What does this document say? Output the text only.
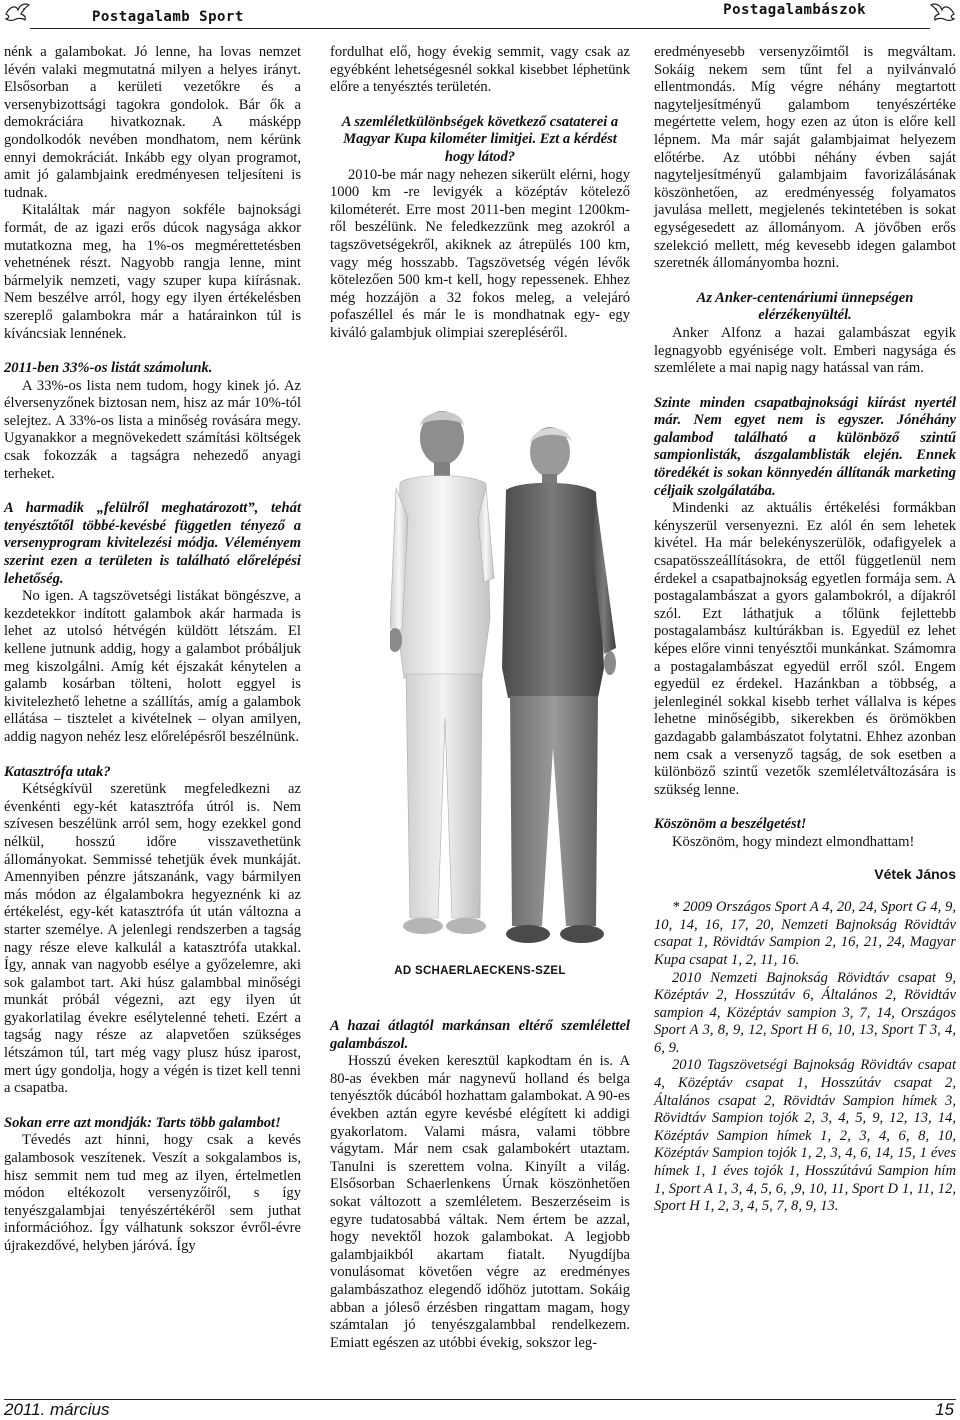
Postagalamb Sport	Postagalambászok

nénk a galambokat. Jó lenne, ha lovas nemzet lévén valaki megmutatná milyen a helyes irányt. Elsősorban a kerületi vezetőkre és a versenybizottsági tagokra gondolok. Bár ők a demokráciára hivatkoznak. A másképp gondolkodók nevében mondhatom, nem kérünk ennyi demokráciát. Inkább egy olyan programot, amit jó galambjaink eredményesen teljesíteni is tudnak.

Kitaláltak már nagyon sokféle bajnoksági formát, de az igazi erős dúcok nagysága akkor mutatkozna meg, ha 1%-os megmérettetésben vehetnének részt. Nagyobb rangja lenne, mint bármelyik nemzeti, vagy szuper kupa kiírásnak. Nem beszélve arról, hogy egy ilyen értékelésben szereplő galambokra már a határainkon túl is kíváncsiak lennének.

2011-ben 33%-os listát számolunk.

A 33%-os lista nem tudom, hogy kinek jó. Az élversenyzőnek biztosan nem, hisz az már 10%-tól selejtez. A 33%-os lista a minőség rovására megy. Ugyanakkor a megnövekedett számítási költségek csak fokozzák a tagságra nehezedő anyagi terheket.

A harmadik „felülről meghatározott”, tehát tenyésztőtől többé-kevésbé független tényező a versenyprogram kivitelezési módja. Véleményem szerint ezen a területen is található előrelépési lehetőség.

No igen. A tagszövetségi listákat böngészve, a kezdetekkor indított galambok akár harmada is lehet az utolsó hétvégén küldött létszám. El kellene jutnunk addig, hogy a galambot próbáljuk meg kiszolgálni. Amíg két éjszakát kénytelen a galamb kosárban tölteni, holott eggyel is kivitelezhető lehetne a szállítás, amíg a galambok ellátása – tisztelet a kivételnek – olyan amilyen, addig nagyon nehéz lesz előrelépésről beszélnünk.

Katasztrófa utak?

Kétségkívül szeretünk megfeledkezni az évenkénti egy-két katasztrófa útról is. Nem szívesen beszélünk arról sem, hogy ezekkel gond nélkül, hosszú időre visszavethetünk állományokat. Semmissé tehetjük évek munkáját. Amennyiben pénzre játszanánk, vagy bármilyen más módon az élgalambokra hegyeznénk ki az értékelést, egy-két katasztrófa út után változna a starter személye. A jelenlegi rendszerben a tagság nagy része eleve kalkulál a katasztrófa utakkal. Így, annak van nagyobb esélye a győzelemre, aki sok galambot tart. Aki húsz galambbal minőségi munkát próbál végezni, azt egy ilyen út gyakorlatilag évekre esélytelenné teheti. Ezért a tagság nagy része az alapvetően szükséges létszámon túl, tart még vagy plusz húsz iparost, mert úgy gondolja, hogy a végén is tizet kell tenni a csapatba.

Sokan erre azt mondják: Tarts több galambot!

Tévedés azt hinni, hogy csak a kevés galambosok veszítenek. Veszít a sokgalambos is, hisz semmit nem tud meg az ilyen, értelmetlen módon eltékozolt versenyzőiről, s így tenyészgalambjai tenyészértékéről sem juthat információhoz. Így válhatunk sokszor évről-évre újrakezdővé, helyben járóvá. Így

fordulhat elő, hogy évekig semmit, vagy csak az egyébként lehetségesnél sokkal kisebbet léphetünk előre a tenyésztés területén.

A szemléletkülönbségek következő csataterei a Magyar Kupa kilométer limitjei. Ezt a kérdést hogy látod?

2010-be már nagy nehezen sikerült elérni, hogy 1000 km -re levigyék a középtáv kötelező kilométerét. Erre most 2011-ben megint 1200km-ről beszélünk. Ne feledkezzünk meg azokról a tagszövetségekről, akiknek az átrepülés 100 km, vagy még hosszabb. Tagszövetség végén lévők kötelezően 500 km-t kell, hogy repessenek. Ehhez még hozzájön a 32 fokos meleg, a velejáró pofaszéllel és már le is mondhatnak egy- egy kiváló galambjuk olimpiai szerepléséről.

AD SCHAERLAECKENS-SZEL

A hazai átlagtól markánsan eltérő szemlélettel galambászol.

Hosszú éveken keresztül kapkodtam én is. A 80-as években már nagynevű holland és belga tenyésztők dúcából hozhattam galambokat. A 90-es években aztán egyre kevésbé elégített ki addigi gyakorlatom. Valami másra, valami többre vágytam. Már nem csak galambokért utaztam. Tanulni is szerettem volna. Kinyílt a világ. Elsősorban Schaerlenkens Úrnak köszönhetően sokat változott a szemléletem. Beszerzéseim is egyre tudatosabbá váltak. Nem értem be azzal, hogy nevektől hozok galambokat. A legjobb galambjaikból akartam fiatalt. Nyugdíjba vonulásomat követően végre az eredményes galambászathoz elegendő időhöz jutottam. Sokáig abban a jóleső érzésben ringattam magam, hogy számtalan jó tenyészgalambbal rendelkezem. Emiatt egészen az utóbbi évekig, sokszor leg-

eredményesebb versenyzőimtől is megváltam. Sokáig nekem sem tűnt fel a nyilvánvaló ellentmondás. Míg végre néhány megtartott nagyteljesítményű galambom tenyészértéke megértette velem, hogy ezen az úton is előre kell lépnem. Ma már saját galambjaimat helyezem előtérbe. Az utóbbi néhány évben saját nagyteljesítményű galambjaim favorizálásának köszönhetően, az eredményesség folyamatos javulása mellett, megjelenés tekintetében is sokat egységesedett az állományom. A jövőben erős szelekció mellett, még kevesebb idegen galambot szeretnék állományomba hozni.

Az Anker-centenáriumi ünnepségen elérzékenyültél.

Anker Alfonz a hazai galambászat egyik legnagyobb egyénisége volt. Emberi nagysága és szemlélete a mai napig nagy hatással van rám.

Szinte minden csapatbajnoksági kiírást nyertél már. Nem egyet nem is egyszer. Jónéhány galambod található a különböző szintű sampionlisták, ászgalamblisták elején. Ennek töredékét is sokan könnyedén állítanák marketing céljaik szolgálatába.

Mindenki az aktuális értékelési formákban kényszerül versenyezni. Ez alól én sem lehetek kivétel. Ha már belekényszerülök, odafigyelek a csapatösszeállításokra, de ettől függetlenül nem érdekel a csapatbajnokság egyetlen formája sem. A postagalambászat a gyors galambokról, a díjakról szól. Ezt láthatjuk a tőlünk fejlettebb postagalambász kultúrákban is. Egyedül ez lehet képes előre vinni tenyésztői munkánkat. Számomra a postagalambászat egyedül erről szól. Engem egyedül ez érdekel. Hazánkban a többség, a jelenleginél sokkal kisebb terhet vállalva is képes lehetne minőségibb, sikerekben és örömökben gazdagabb galambászatot folytatni. Ehhez azonban nem csak a versenyző tagság, de sok esetben a különböző szintű vezetők szemléletváltozására is szükség lenne.

Köszönöm a beszélgetést!

Köszönöm, hogy mindezt elmondhattam!

Vétek János

* 2009 Országos Sport A 4, 20, 24, Sport G 4, 9, 10, 14, 16, 17, 20, Nemzeti Bajnokság Rövidtáv csapat 1, Rövidtáv Sampion 2, 16, 21, 24, Magyar Kupa csapat 1, 2, 11, 16.

2010 Nemzeti Bajnokság Rövidtáv csapat 9, Középtáv 2, Hosszútáv 6, Általános 2, Rövidtáv sampion 4, Középtáv sampion 3, 7, 14, Országos Sport A 3, 8, 9, 12, Sport H 6, 10, 13, Sport T 3, 4, 6, 9.

2010 Tagszövetségi Bajnokság Rövidtáv csapat 4, Középtáv csapat 1, Hosszútáv csapat 2, Általános csapat 2, Rövidtáv Sampion hímek 3, Rövidtáv Sampion tojók 2, 3, 4, 5, 9, 12, 13, 14, Középtáv Sampion hímek 1, 2, 3, 4, 6, 8, 10, Középtáv Sampion tojók 1, 2, 3, 4, 6, 14, 15, 1 éves hímek 1, 1 éves tojók 1, Hosszútávú Sampion hím 1, Sport A 1, 3, 4, 5, 6, ,9, 10, 11, Sport D 1, 11, 12, Sport H 1, 2, 3, 4, 5, 7, 8, 9, 13.

2011. március	15
